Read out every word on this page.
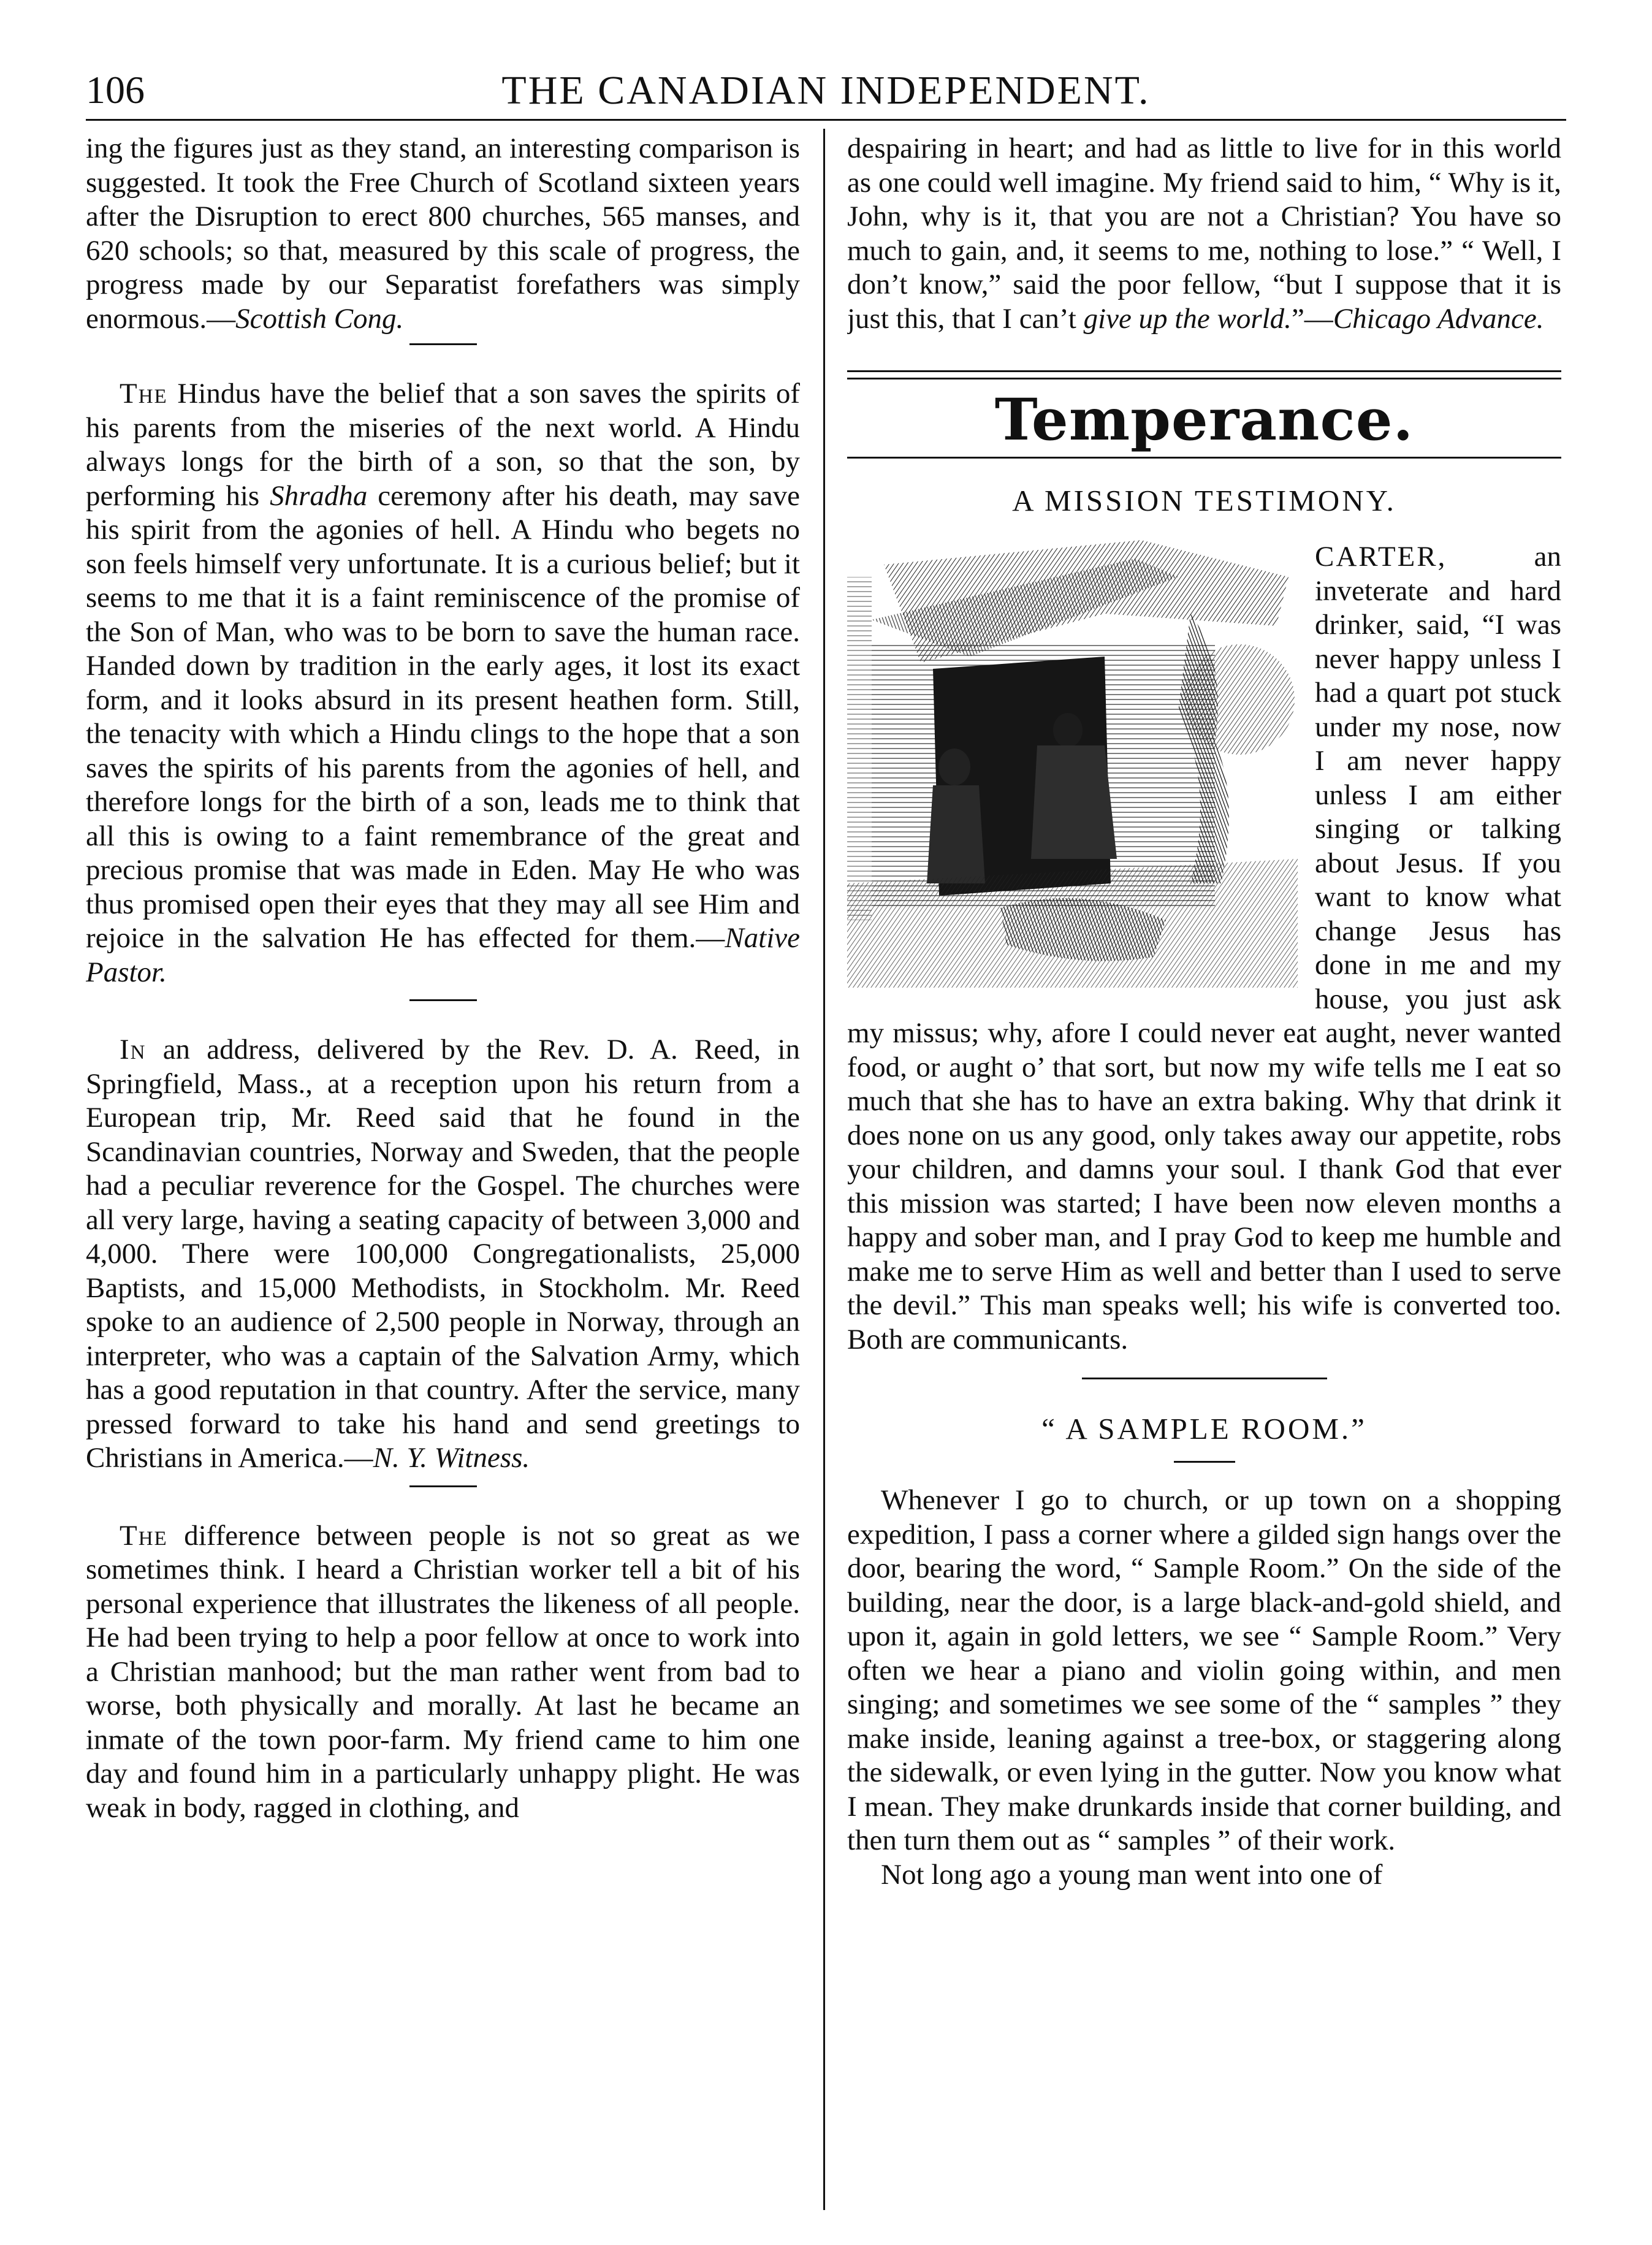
106	THE CANADIAN INDEPENDENT.

ing the figures just as they stand, an interesting comparison is suggested. It took the Free Church of Scotland sixteen years after the Disruption to erect 800 churches, 565 manses, and 620 schools; so that, measured by this scale of progress, the progress made by our Separatist forefathers was simply enormous.—Scottish Cong.

The Hindus have the belief that a son saves the spirits of his parents from the miseries of the next world. A Hindu always longs for the birth of a son, so that the son, by performing his Shradha ceremony after his death, may save his spirit from the agonies of hell. A Hindu who begets no son feels himself very unfortunate. It is a curious belief; but it seems to me that it is a faint reminiscence of the promise of the Son of Man, who was to be born to save the human race. Handed down by tradition in the early ages, it lost its exact form, and it looks absurd in its present heathen form. Still, the tenacity with which a Hindu clings to the hope that a son saves the spirits of his parents from the agonies of hell, and therefore longs for the birth of a son, leads me to think that all this is owing to a faint remembrance of the great and precious promise that was made in Eden. May He who was thus promised open their eyes that they may all see Him and rejoice in the salvation He has effected for them.—Native Pastor.

In an address, delivered by the Rev. D. A. Reed, in Springfield, Mass., at a reception upon his return from a European trip, Mr. Reed said that he found in the Scandinavian countries, Norway and Sweden, that the people had a peculiar reverence for the Gospel. The churches were all very large, having a seating capacity of between 3,000 and 4,000. There were 100,000 Congregationalists, 25,000 Baptists, and 15,000 Methodists, in Stockholm. Mr. Reed spoke to an audience of 2,500 people in Norway, through an interpreter, who was a captain of the Salvation Army, which has a good reputation in that country. After the service, many pressed forward to take his hand and send greetings to Christians in America.—N. Y. Witness.

The difference between people is not so great as we sometimes think. I heard a Christian worker tell a bit of his personal experience that illustrates the likeness of all people. He had been trying to help a poor fellow at once to work into a Christian manhood; but the man rather went from bad to worse, both physically and morally. At last he became an inmate of the town poor-farm. My friend came to him one day and found him in a particularly unhappy plight. He was weak in body, ragged in clothing, and

despairing in heart; and had as little to live for in this world as one could well imagine. My friend said to him, “ Why is it, John, why is it, that you are not a Christian? You have so much to gain, and, it seems to me, nothing to lose.” “ Well, I don’t know,” said the poor fellow, “but I suppose that it is just this, that I can’t give up the world.”—Chicago Advance.

Temperance.
A MISSION TESTIMONY.

CARTER, an inveterate and hard drinker, said, “I was never happy unless I had a quart pot stuck under my nose, now I am never happy unless I am either singing or talking about Jesus. If you want to know what change Jesus has done in me and my house, you just ask my missus; why, afore I could never eat aught, never wanted food, or aught o’ that sort, but now my wife tells me I eat so much that she has to have an extra baking. Why that drink it does none on us any good, only takes away our appetite, robs your children, and damns your soul. I thank God that ever this mission was started; I have been now eleven months a happy and sober man, and I pray God to keep me humble and make me to serve Him as well and better than I used to serve the devil.” This man speaks well; his wife is converted too. Both are communicants.

“ A SAMPLE ROOM.”

Whenever I go to church, or up town on a shopping expedition, I pass a corner where a gilded sign hangs over the door, bearing the word, “ Sample Room.” On the side of the building, near the door, is a large black-and-gold shield, and upon it, again in gold letters, we see “ Sample Room.” Very often we hear a piano and violin going within, and men singing; and sometimes we see some of the “ samples ” they make inside, leaning against a tree-box, or staggering along the sidewalk, or even lying in the gutter. Now you know what I mean. They make drunkards inside that corner building, and then turn them out as “ samples ” of their work.

Not long ago a young man went into one of
